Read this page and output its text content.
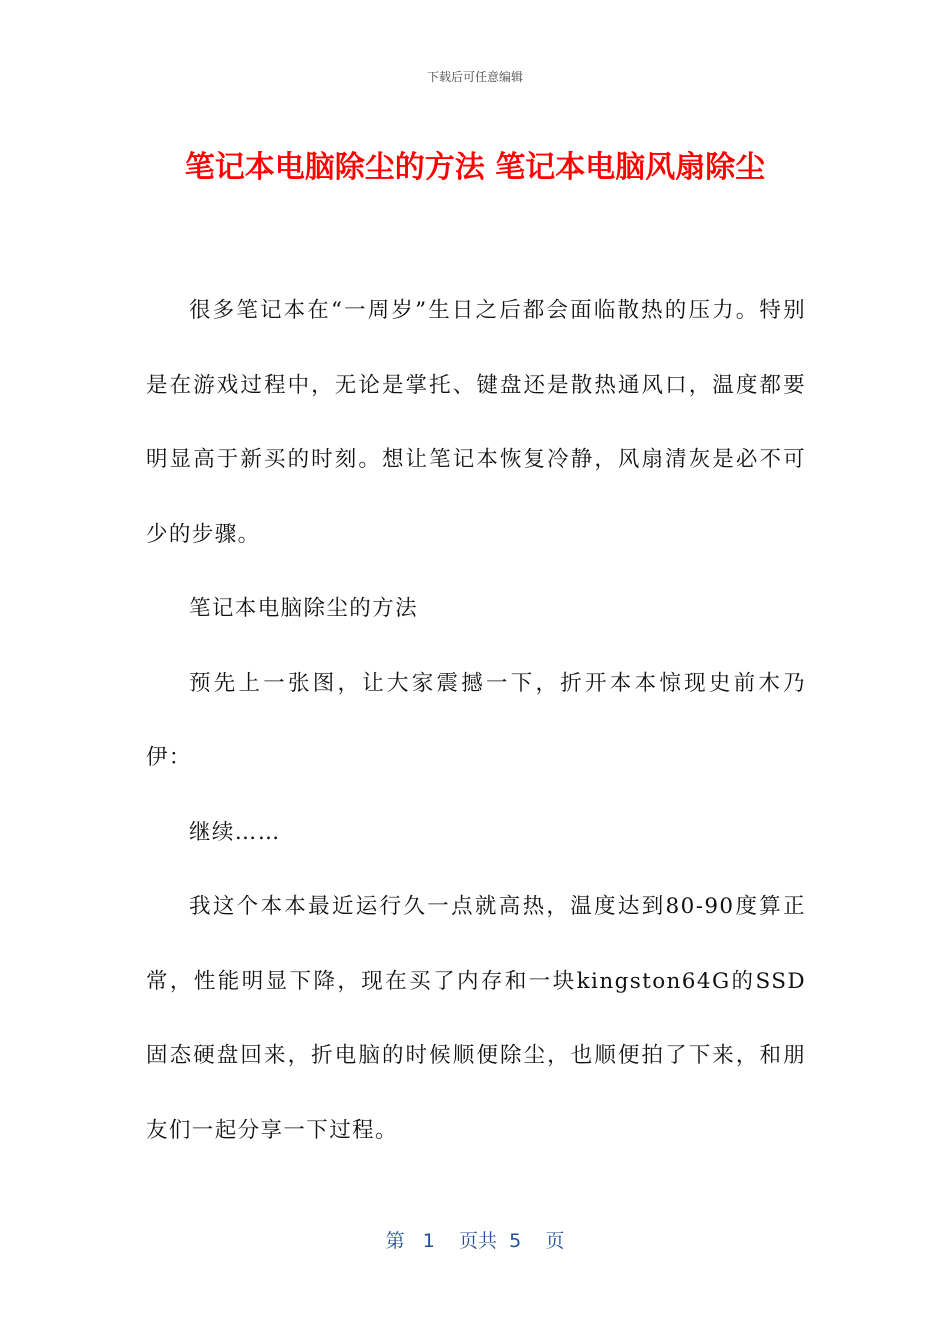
下载后可任意编辑
笔记本电脑除尘的方法 笔记本电脑风扇除尘

很多笔记本在“一周岁”生日之后都会面临散热的压力。特别是在游戏过程中，无论是掌托、键盘还是散热通风口，温度都要明显高于新买的时刻。想让笔记本恢复冷静，风扇清灰是必不可少的步骤。

笔记本电脑除尘的方法

预先上一张图，让大家震撼一下，折开本本惊现史前木乃伊：

继续……

我这个本本最近运行久一点就高热，温度达到80-90度算正常，性能明显下降，现在买了内存和一块kingston64G的SSD固态硬盘回来，折电脑的时候顺便除尘，也顺便拍了下来，和朋友们一起分享一下过程。

第 1 页共 5 页
